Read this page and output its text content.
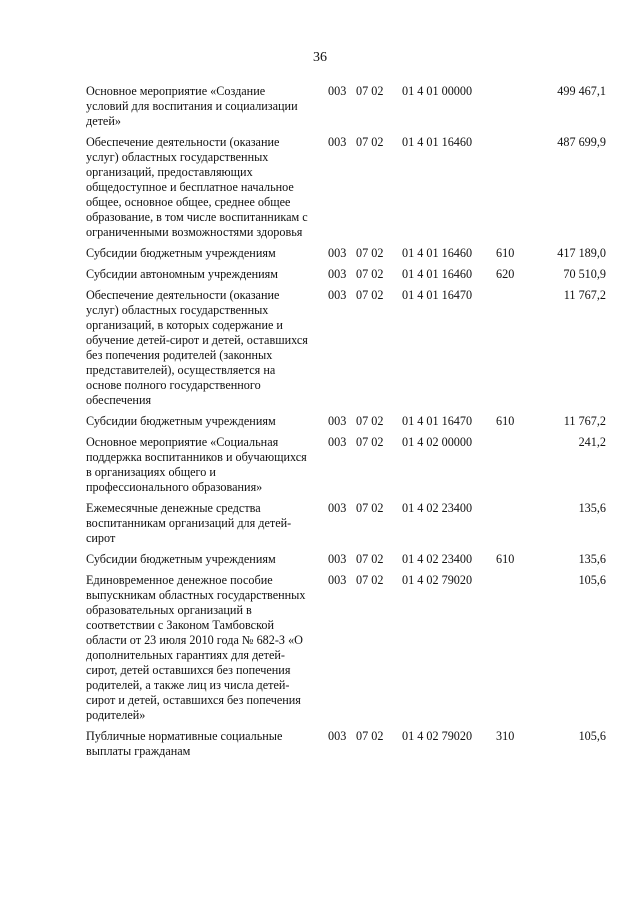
36
Основное мероприятие «Создание условий для воспитания и социализации детей»	003	07 02	01 4 01 00000		499 467,1
Обеспечение деятельности (оказание услуг) областных государственных организаций, предоставляющих общедоступное и бесплатное начальное общее, основное общее, среднее общее образование, в том числе воспитанникам с ограниченными возможностями здоровья	003	07 02	01 4 01 16460		487 699,9
Субсидии бюджетным учреждениям	003	07 02	01 4 01 16460	610	417 189,0
Субсидии автономным учреждениям	003	07 02	01 4 01 16460	620	70 510,9
Обеспечение деятельности (оказание услуг) областных государственных организаций, в которых содержание и обучение детей-сирот и детей, оставшихся без попечения родителей (законных представителей), осуществляется на основе полного государственного обеспечения	003	07 02	01 4 01 16470		11 767,2
Субсидии бюджетным учреждениям	003	07 02	01 4 01 16470	610	11 767,2
Основное мероприятие «Социальная поддержка воспитанников и обучающихся в организациях общего и профессионального образования»	003	07 02	01 4 02 00000		241,2
Ежемесячные денежные средства воспитанникам организаций для детей-сирот	003	07 02	01 4 02 23400		135,6
Субсидии бюджетным учреждениям	003	07 02	01 4 02 23400	610	135,6
Единовременное денежное пособие выпускникам областных государственных образовательных организаций в соответствии с Законом Тамбовской области от 23 июля 2010 года № 682-З «О дополнительных гарантиях для детей-сирот, детей оставшихся без попечения родителей, а также лиц из числа детей-сирот и детей, оставшихся без попечения родителей»	003	07 02	01 4 02 79020		105,6
Публичные нормативные социальные выплаты гражданам	003	07 02	01 4 02 79020	310	105,6
